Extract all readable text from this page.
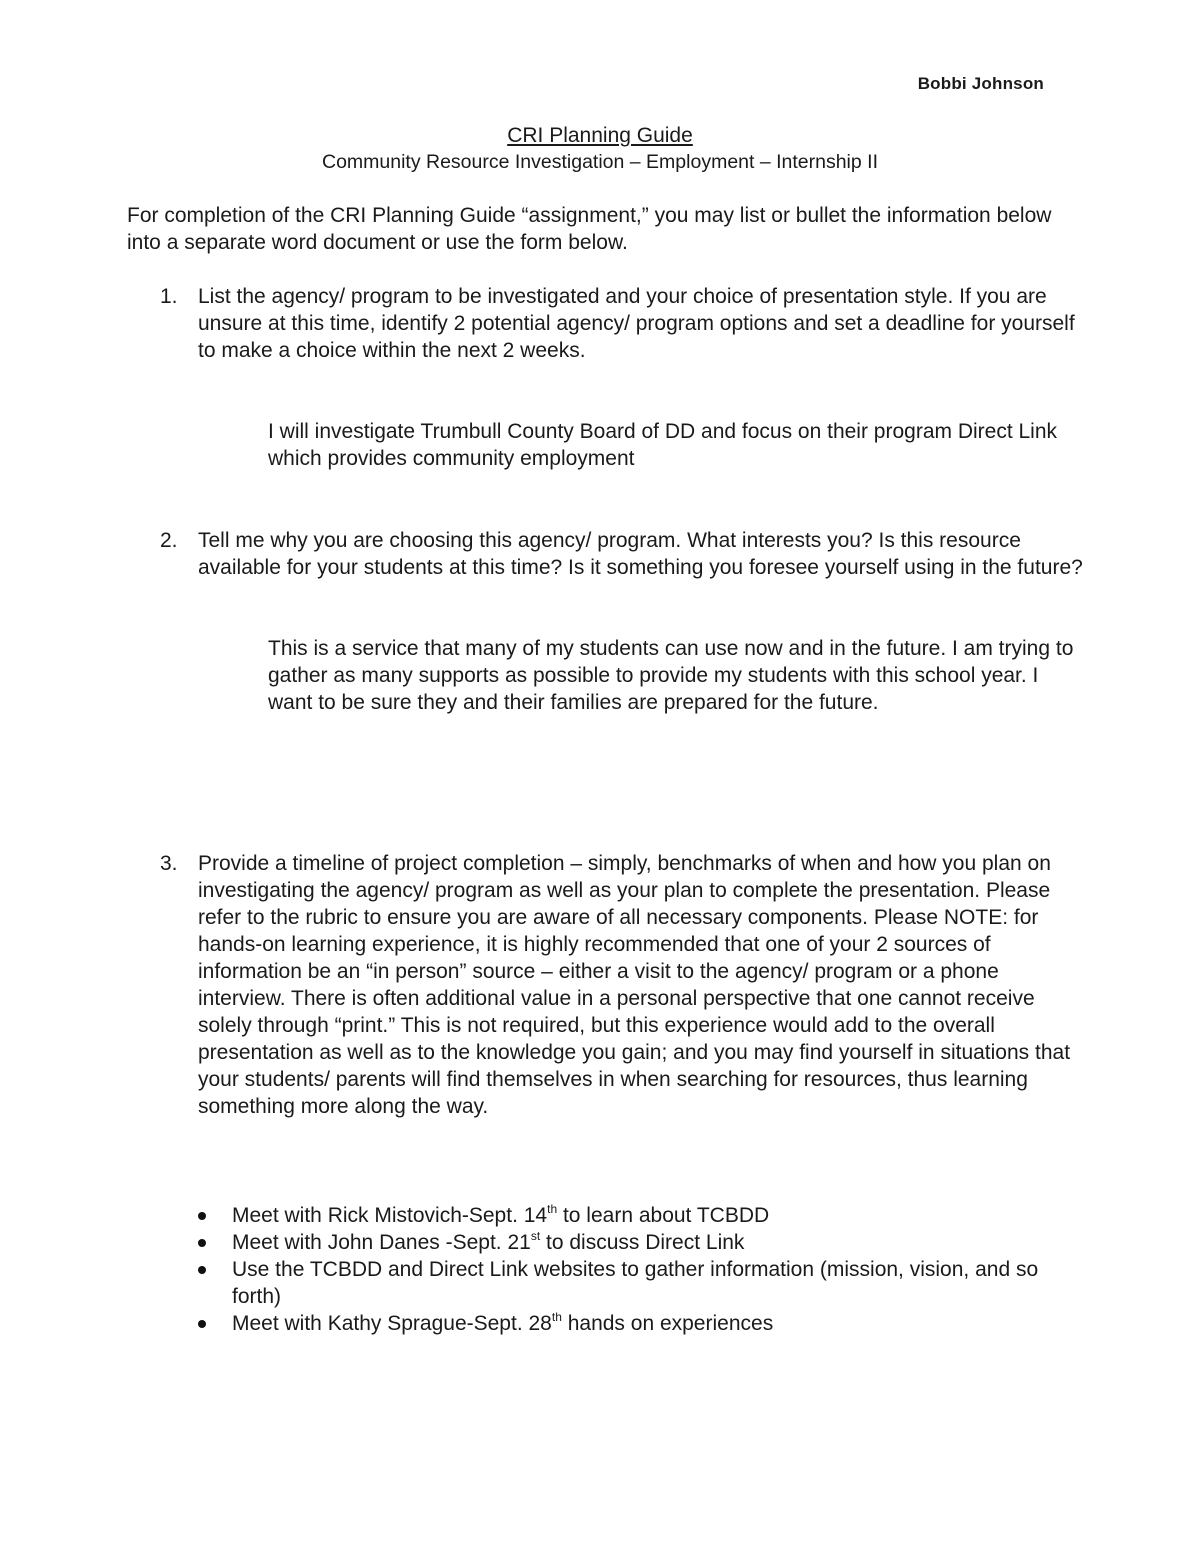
Bobbi Johnson
CRI Planning Guide
Community Resource Investigation – Employment – Internship II
For completion of the CRI Planning Guide “assignment,” you may list or bullet the information below into a separate word document or use the form below.
1. List the agency/ program to be investigated and your choice of presentation style. If you are unsure at this time, identify 2 potential agency/ program options and set a deadline for yourself to make a choice within the next 2 weeks.
I will investigate Trumbull County Board of DD and focus on their program Direct Link which provides community employment
2. Tell me why you are choosing this agency/ program. What interests you? Is this resource available for your students at this time? Is it something you foresee yourself using in the future?
This is a service that many of my students can use now and in the future. I am trying to gather as many supports as possible to provide my students with this school year. I want to be sure they and their families are prepared for the future.
3. Provide a timeline of project completion – simply, benchmarks of when and how you plan on investigating the agency/ program as well as your plan to complete the presentation. Please refer to the rubric to ensure you are aware of all necessary components. Please NOTE: for hands-on learning experience, it is highly recommended that one of your 2 sources of information be an “in person” source – either a visit to the agency/ program or a phone interview. There is often additional value in a personal perspective that one cannot receive solely through “print.” This is not required, but this experience would add to the overall presentation as well as to the knowledge you gain; and you may find yourself in situations that your students/ parents will find themselves in when searching for resources, thus learning something more along the way.
Meet with Rick Mistovich-Sept. 14th to learn about TCBDD
Meet with John Danes -Sept. 21st to discuss Direct Link
Use the TCBDD and Direct Link websites to gather information (mission, vision, and so forth)
Meet with Kathy Sprague-Sept. 28th hands on experiences
